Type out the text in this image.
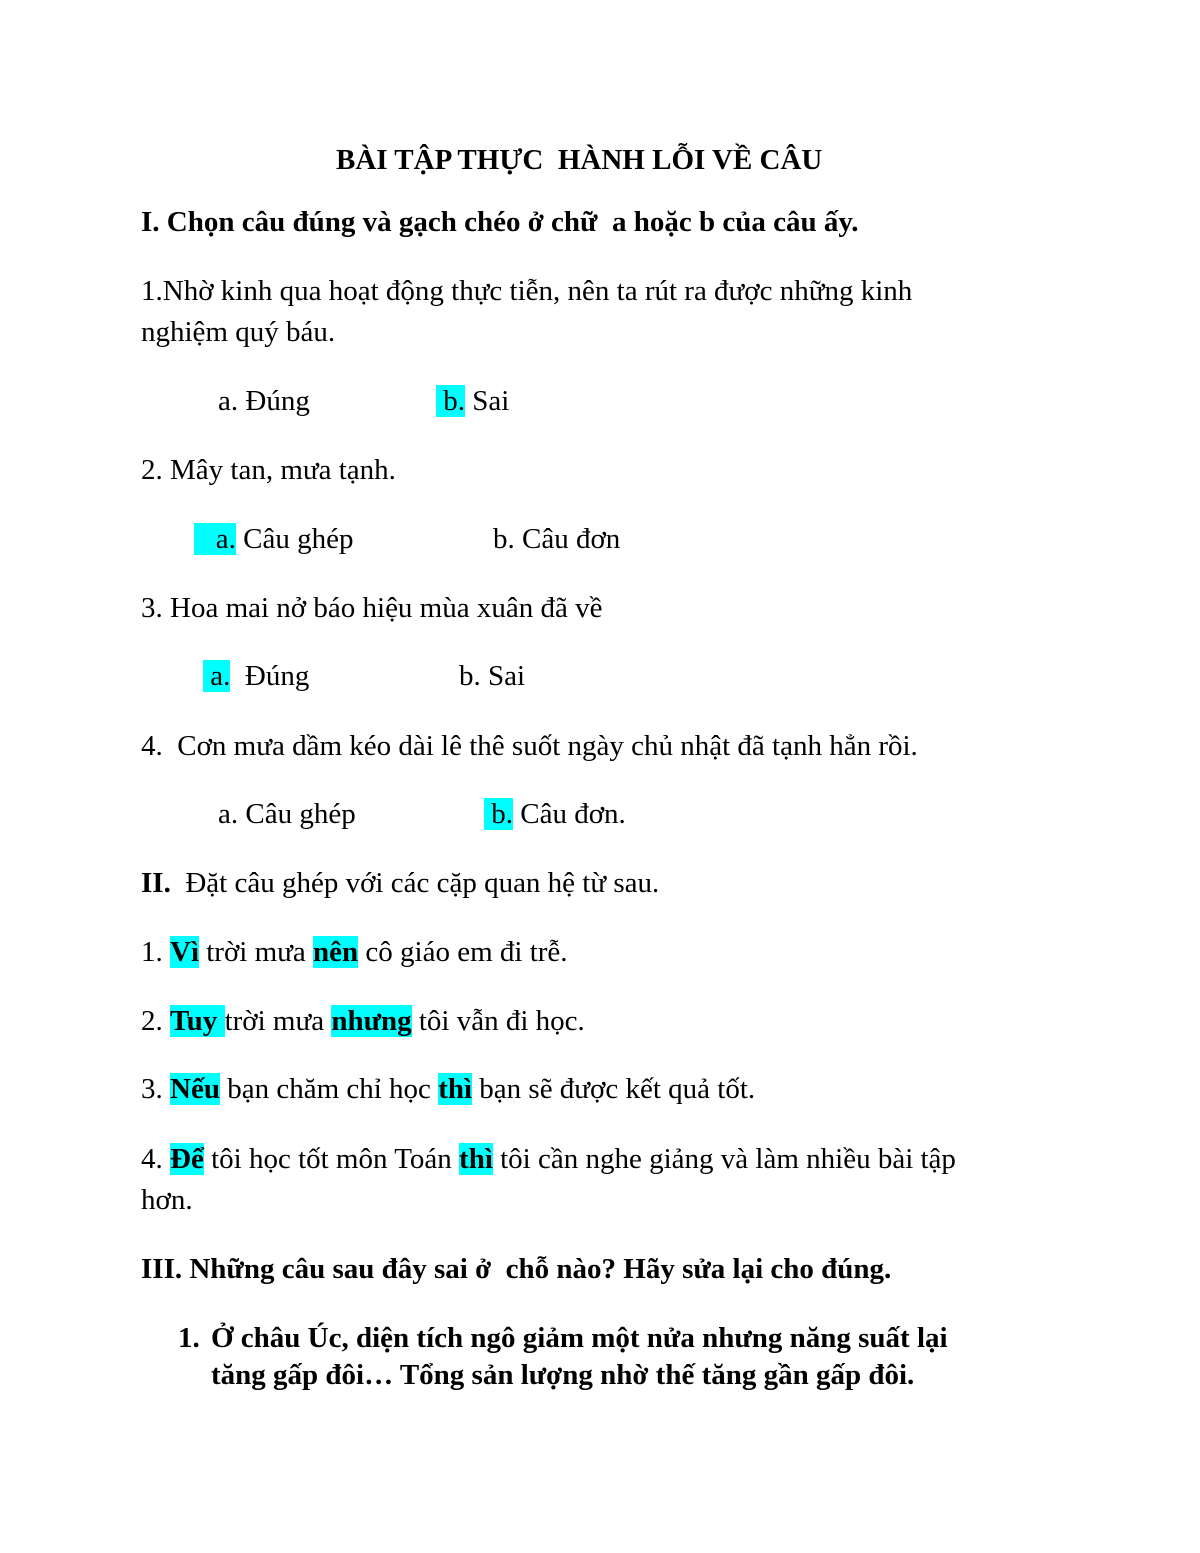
BÀI TẬP THỰC  HÀNH LỖI VỀ CÂU
I. Chọn câu đúng và gạch chéo ở chữ  a hoặc b của câu ấy.
1.Nhờ kinh qua hoạt động thực tiễn, nên ta rút ra được những kinh
nghiệm quý báu.
a. Đúng	b. Sai
2. Mây tan, mưa tạnh.
a. Câu ghép	b. Câu đơn
3. Hoa mai nở báo hiệu mùa xuân đã về
a.  Đúng	b. Sai
4.  Cơn mưa dầm kéo dài lê thê suốt ngày chủ nhật đã tạnh hẳn rồi.
a. Câu ghép	b. Câu đơn.
II.  Đặt câu ghép với các cặp quan hệ từ sau.
1. Vì trời mưa nên cô giáo em đi trễ.
2. Tuy trời mưa nhưng tôi vẫn đi học.
3. Nếu bạn chăm chỉ học thì bạn sẽ được kết quả tốt.
4. Để tôi học tốt môn Toán thì tôi cần nghe giảng và làm nhiều bài tập
hơn.
III. Những câu sau đây sai ở  chỗ nào? Hãy sửa lại cho đúng.
1. Ở châu Úc, diện tích ngô giảm một nửa nhưng năng suất lại
tăng gấp đôi… Tổng sản lượng nhờ thế tăng gần gấp đôi.
